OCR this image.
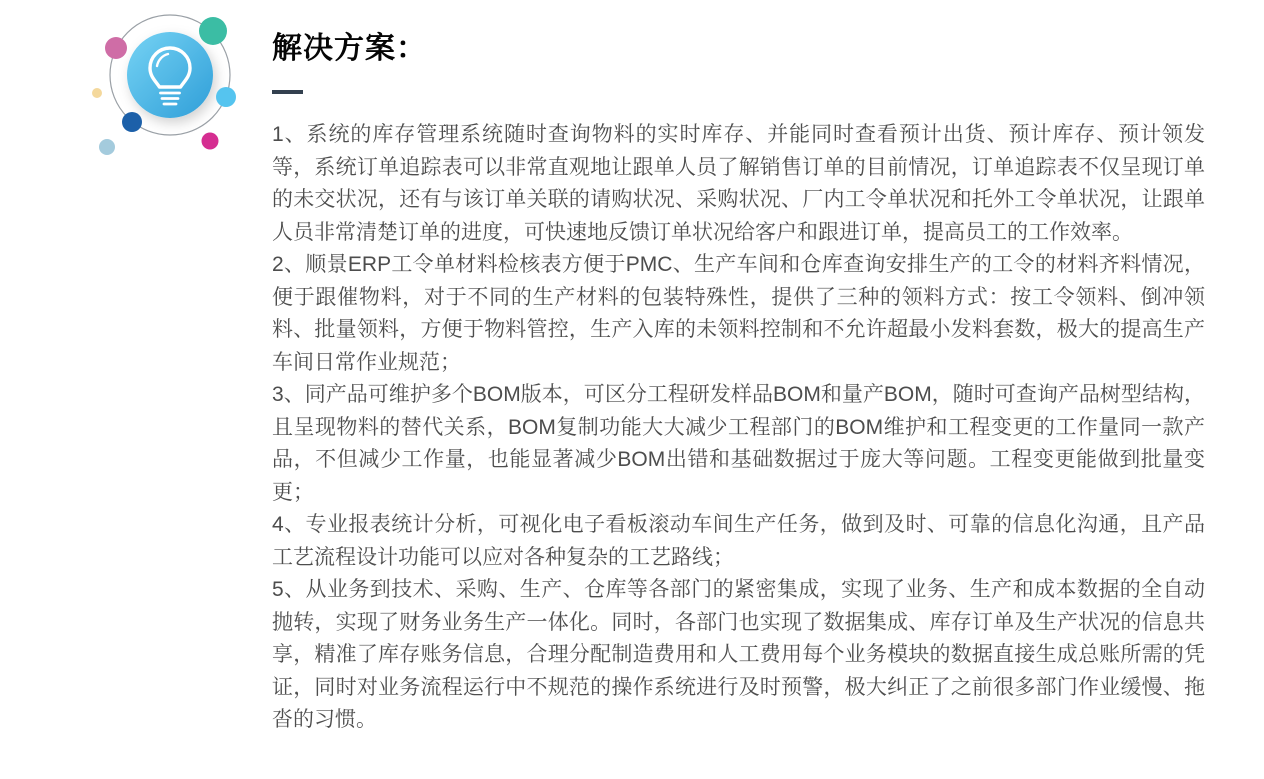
解决方案：

1、系统的库存管理系统随时查询物料的实时库存、并能同时查看预计出货、预计库存、预计领发等，系统订单追踪表可以非常直观地让跟单人员了解销售订单的目前情况，订单追踪表不仅呈现订单的未交状况，还有与该订单关联的请购状况、采购状况、厂内工令单状况和托外工令单状况，让跟单人员非常清楚订单的进度，可快速地反馈订单状况给客户和跟进订单，提高员工的工作效率。

2、顺景ERP工令单材料检核表方便于PMC、生产车间和仓库查询安排生产的工令的材料齐料情况，便于跟催物料，对于不同的生产材料的包装特殊性，提供了三种的领料方式：按工令领料、倒冲领料、批量领料，方便于物料管控，生产入库的未领料控制和不允许超最小发料套数，极大的提高生产车间日常作业规范；

3、同产品可维护多个BOM版本，可区分工程研发样品BOM和量产BOM，随时可查询产品树型结构，且呈现物料的替代关系，BOM复制功能大大减少工程部门的BOM维护和工程变更的工作量同一款产品，不但减少工作量，也能显著减少BOM出错和基础数据过于庞大等问题。工程变更能做到批量变更；

4、专业报表统计分析，可视化电子看板滚动车间生产任务，做到及时、可靠的信息化沟通，且产品工艺流程设计功能可以应对各种复杂的工艺路线；

5、从业务到技术、采购、生产、仓库等各部门的紧密集成，实现了业务、生产和成本数据的全自动抛转，实现了财务业务生产一体化。同时，各部门也实现了数据集成、库存订单及生产状况的信息共享，精准了库存账务信息，合理分配制造费用和人工费用每个业务模块的数据直接生成总账所需的凭证，同时对业务流程运行中不规范的操作系统进行及时预警，极大纠正了之前很多部门作业缓慢、拖沓的习惯。
